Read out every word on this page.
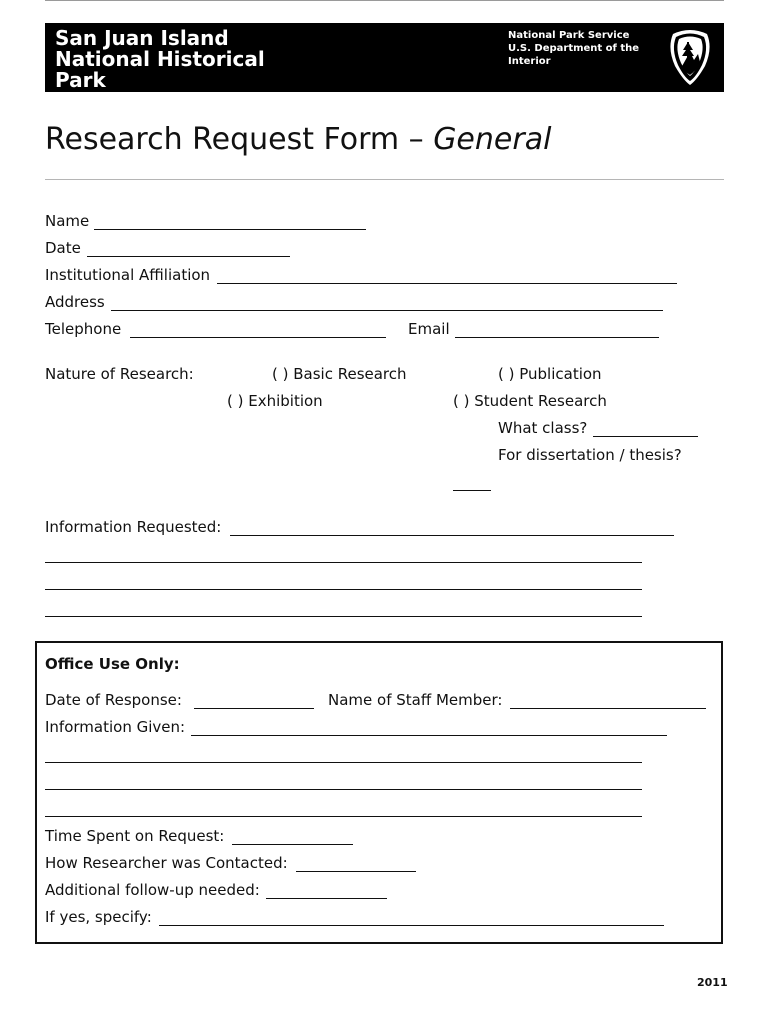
San Juan Island National Historical Park
National Park Service
U.S. Department of the Interior
Research Request Form – General
Name
Date
Institutional Affiliation
Address
Telephone	Email
Nature of Research:	( ) Basic Research	( ) Publication
( ) Exhibition	( ) Student Research
What class?
For dissertation / thesis?
Information Requested:
Office Use Only:
Date of Response:	Name of Staff Member:
Information Given:
Time Spent on Request:
How Researcher was Contacted:
Additional follow-up needed:
If yes, specify:
2011
